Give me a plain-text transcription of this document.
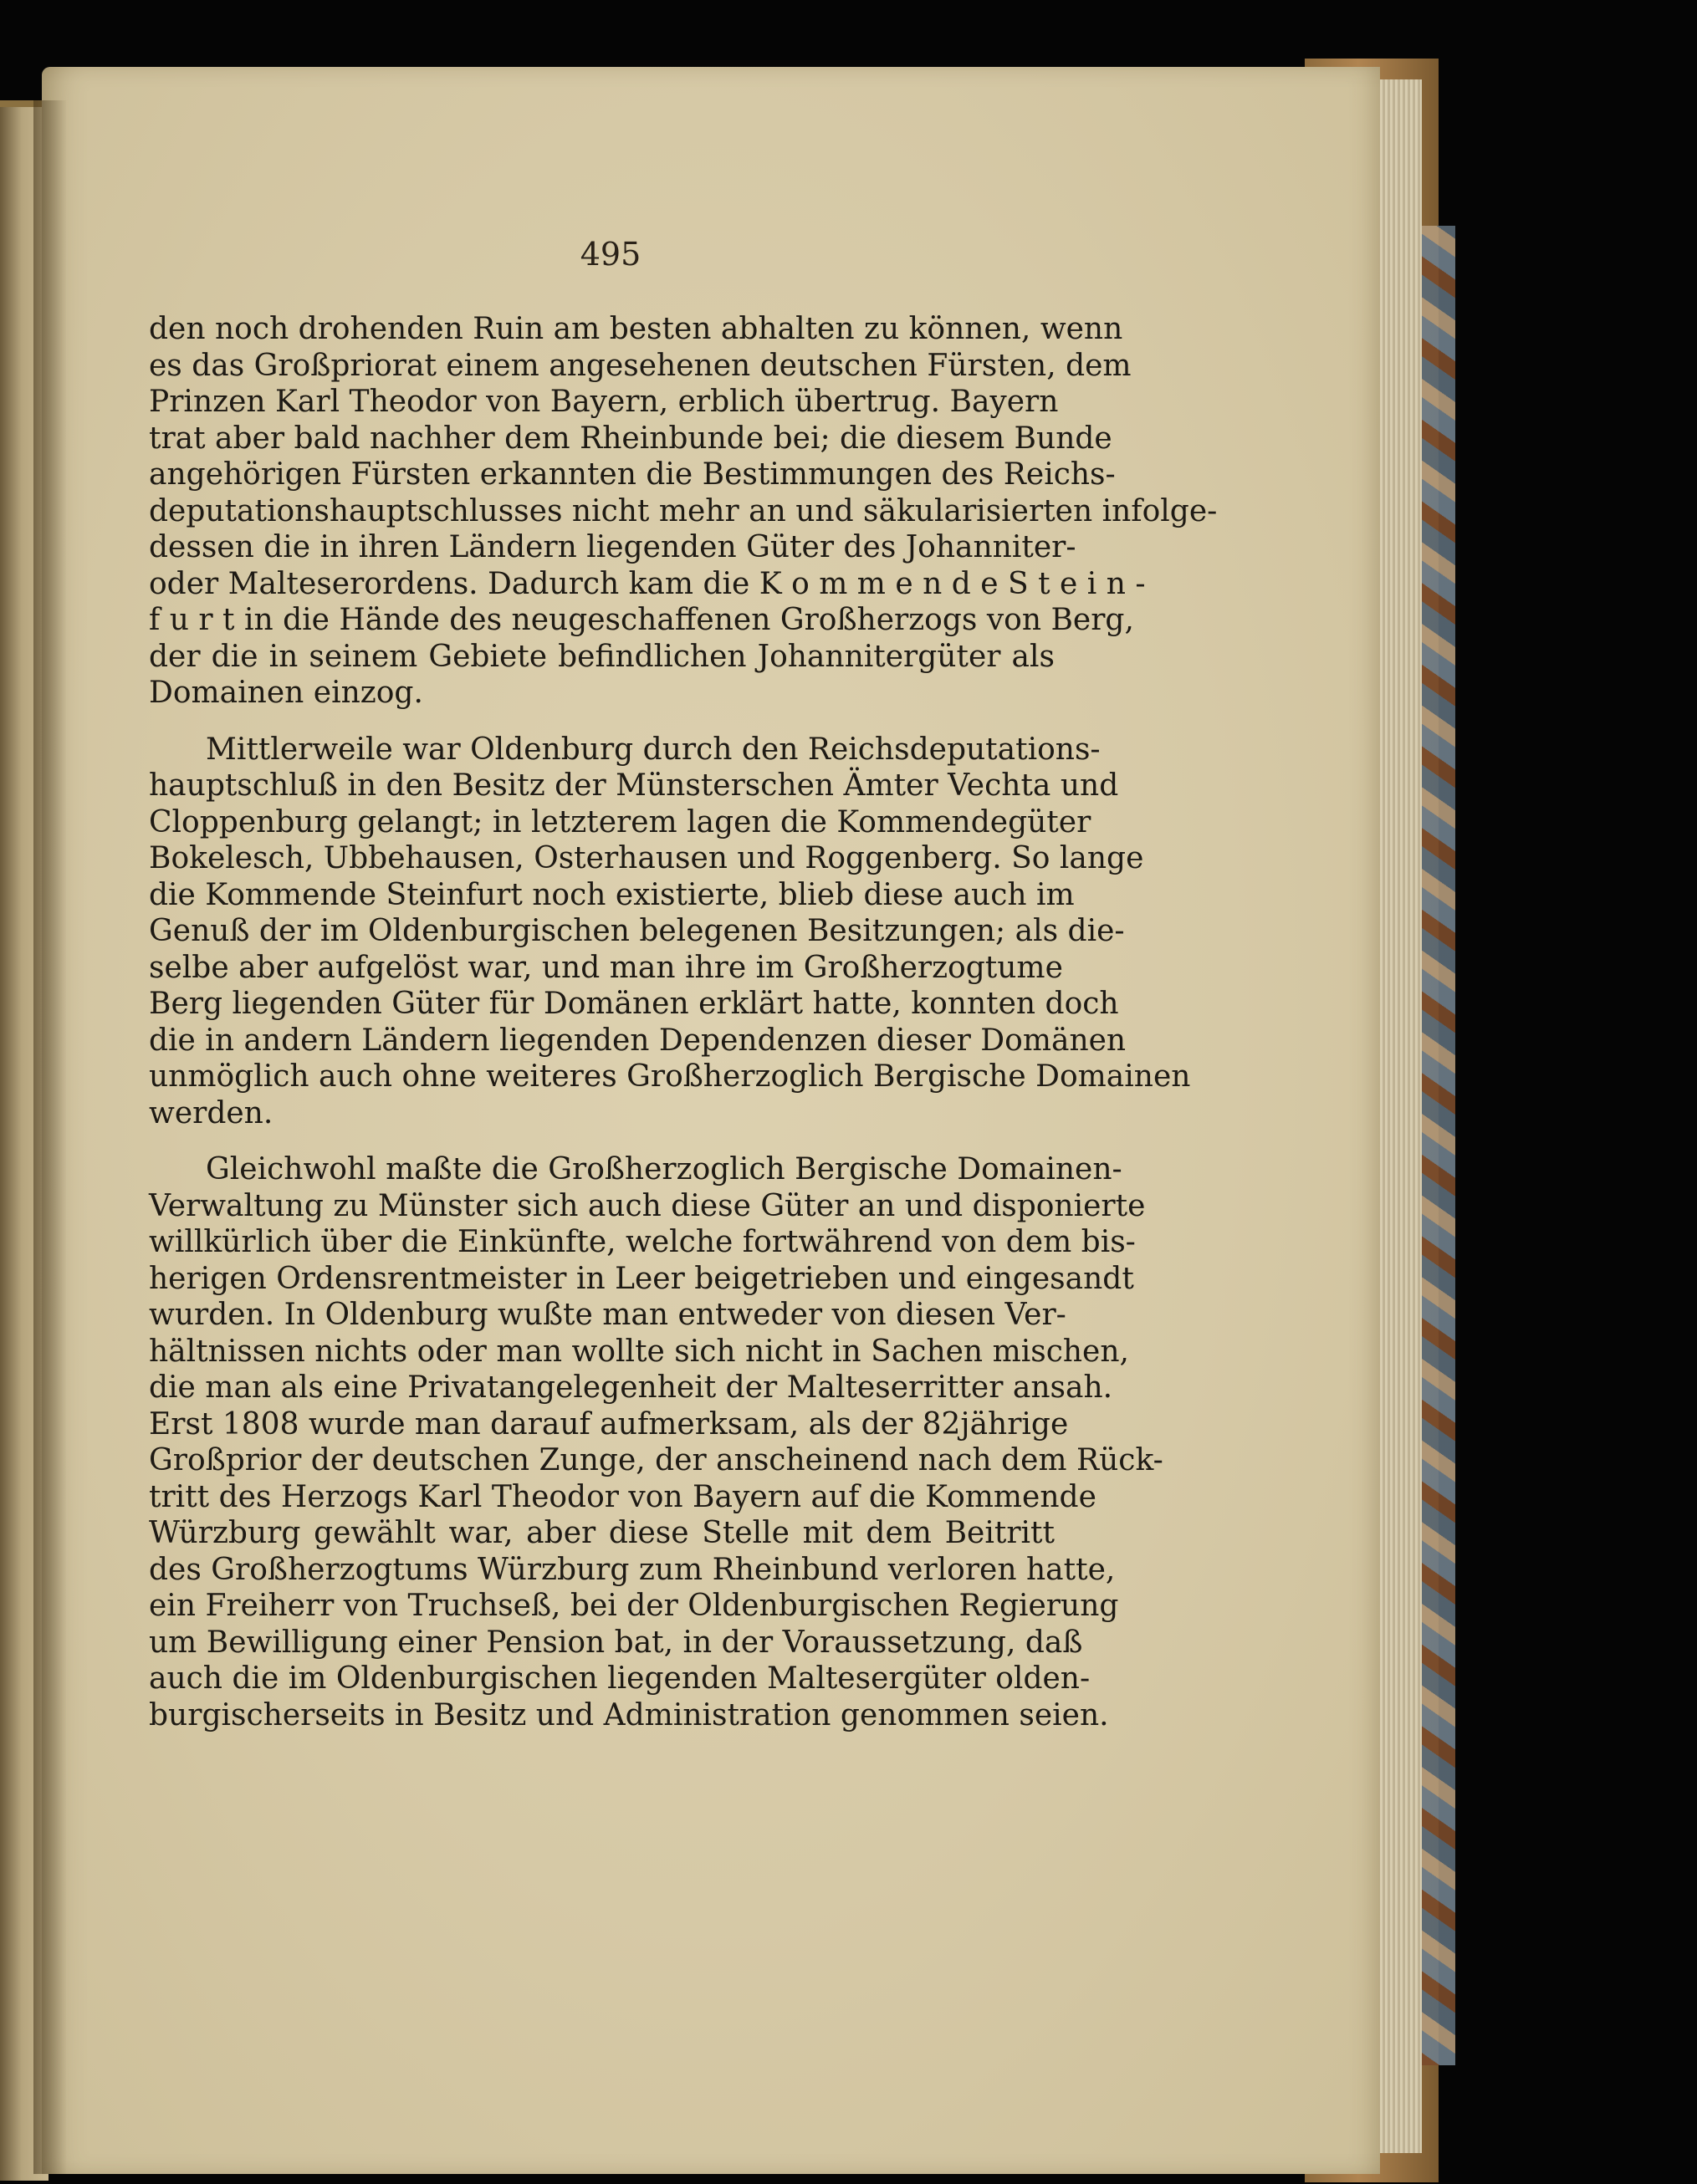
495
den noch drohenden Ruin am besten abhalten zu können, wenn
es das Großpriorat einem angesehenen deutschen Fürsten, dem
Prinzen Karl Theodor von Bayern, erblich übertrug. Bayern
trat aber bald nachher dem Rheinbunde bei; die diesem Bunde
angehörigen Fürsten erkannten die Bestimmungen des Reichs-
deputationshauptschlusses nicht mehr an und säkularisierten infolge-
dessen die in ihren Ländern liegenden Güter des Johanniter-
oder Malteserordens. Dadurch kam die K o m m e n d e S t e i n -
f u r t in die Hände des neugeschaffenen Großherzogs von Berg,
der die in seinem Gebiete befindlichen Johannitergüter als
Domainen einzog.
Mittlerweile war Oldenburg durch den Reichsdeputations-
hauptschluß in den Besitz der Münsterschen Ämter Vechta und
Cloppenburg gelangt; in letzterem lagen die Kommendegüter
Bokelesch, Ubbehausen, Osterhausen und Roggenberg. So lange
die Kommende Steinfurt noch existierte, blieb diese auch im
Genuß der im Oldenburgischen belegenen Besitzungen; als die-
selbe aber aufgelöst war, und man ihre im Großherzogtume
Berg liegenden Güter für Domänen erklärt hatte, konnten doch
die in andern Ländern liegenden Dependenzen dieser Domänen
unmöglich auch ohne weiteres Großherzoglich Bergische Domainen
werden.
Gleichwohl maßte die Großherzoglich Bergische Domainen-
Verwaltung zu Münster sich auch diese Güter an und disponierte
willkürlich über die Einkünfte, welche fortwährend von dem bis-
herigen Ordensrentmeister in Leer beigetrieben und eingesandt
wurden. In Oldenburg wußte man entweder von diesen Ver-
hältnissen nichts oder man wollte sich nicht in Sachen mischen,
die man als eine Privatangelegenheit der Malteserritter ansah.
Erst 1808 wurde man darauf aufmerksam, als der 82jährige
Großprior der deutschen Zunge, der anscheinend nach dem Rück-
tritt des Herzogs Karl Theodor von Bayern auf die Kommende
Würzburg gewählt war, aber diese Stelle mit dem Beitritt
des Großherzogtums Würzburg zum Rheinbund verloren hatte,
ein Freiherr von Truchseß, bei der Oldenburgischen Regierung
um Bewilligung einer Pension bat, in der Voraussetzung, daß
auch die im Oldenburgischen liegenden Maltesergüter olden-
burgischerseits in Besitz und Administration genommen seien.
